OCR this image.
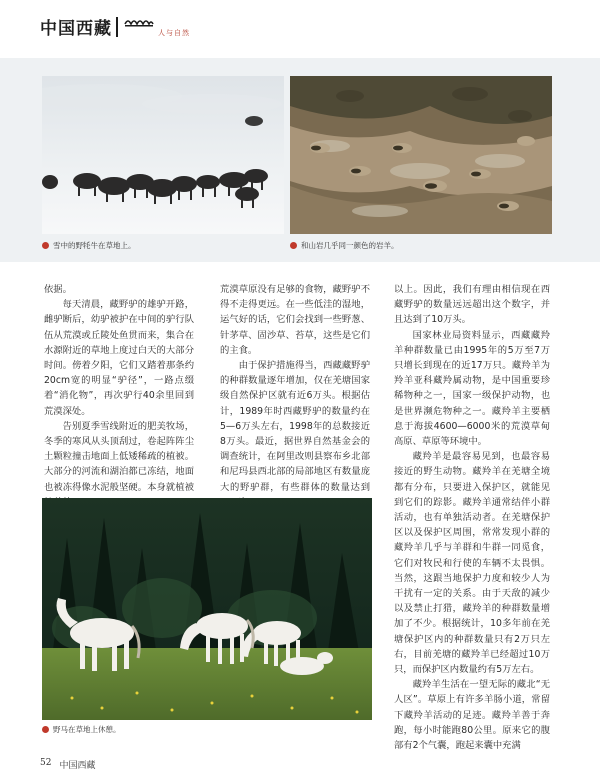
中国西藏	人与自然
雪中的野牦牛在草地上。	和山岩几乎同一颜色的岩羊。

依据。

每天清晨，藏野驴的雄驴开路，雌驴断后，幼驴被护在中间的驴行队伍从荒漠或丘陵处鱼贯而来，集合在水源附近的草地上度过白天的大部分时间。傍着夕阳，它们又踏着那条约20cm宽的明显“驴径”，一路点缀着“消化物”，再次驴行40余里回到荒漠深处。

告别夏季雪线附近的肥美牧场，冬季的寒风从头顶刮过，卷起阵阵尘土颗粒撞击地面上低矮稀疏的植被。大部分的河流和湖泊都已冻结，地面也被冻得像水泥般坚硬。本身就植被

荒漠草原没有足够的食物，藏野驴不得不走得更远。在一些低洼的湿地，运气好的话，它们会找到一些野葱、针茅草、固沙草、苔草，这些是它们的主食。

由于保护措施得当，西藏藏野驴的种群数量逐年增加，仅在羌塘国家级自然保护区就有近6万头。根据估计，1989年时西藏野驴的数量约在5—6万头左右，1998年的总数接近8万头。最近，据世界自然基金会的调查统计，在阿里改则县察布乡北部和尼玛县西北部的局部地区有数量庞大的野驴群，有些群体的数量达到

以上。因此，我们有理由相信现在西藏野驴的数量远远超出这个数字，并且达到了10万头。

国家林业局资料显示，西藏藏羚羊种群数量已由1995年的5万至7万只增长到现在的近17万只。藏羚羊为羚羊亚科藏羚属动物，是中国重要珍稀物种之一，国家一级保护动物，也是世界濒危物种之一。藏羚羊主要栖息于海拔4600—6000米的荒漠草甸高原、草原等环境中。

藏羚羊是最容易见到，也最容易接近的野生动物。藏羚羊在羌塘全境都有分布，只要进入保护区，就能见到它们的踪影。藏羚羊通常结伴小群活动，也有单独活动者。在羌塘保护区以及保护区周围，常常发现小群的藏羚羊几乎与羊群和牛群一同觅食，它们对牧民和行使的车辆不太畏惧。当然，这跟当地保护力度和较少人为干扰有一定的关系。由于天敌的减少以及禁止打猎，藏羚羊的种群数量增加了不少。根据统计，10多年前在羌塘保护区内的种群数量只有2万只左右，目前羌塘的藏羚羊已经超过10万只，而保护区内数量约有5万左右。

藏羚羊生活在一望无际的藏北“无人区”。草原上有许多羊肠小道，常留下藏羚羊活动的足迹。藏羚羊善于奔跑，每小时能跑80公里。原来它的腹部有2个气囊，跑起来囊中充满

野马在草地上休憩。
52 中国西藏
